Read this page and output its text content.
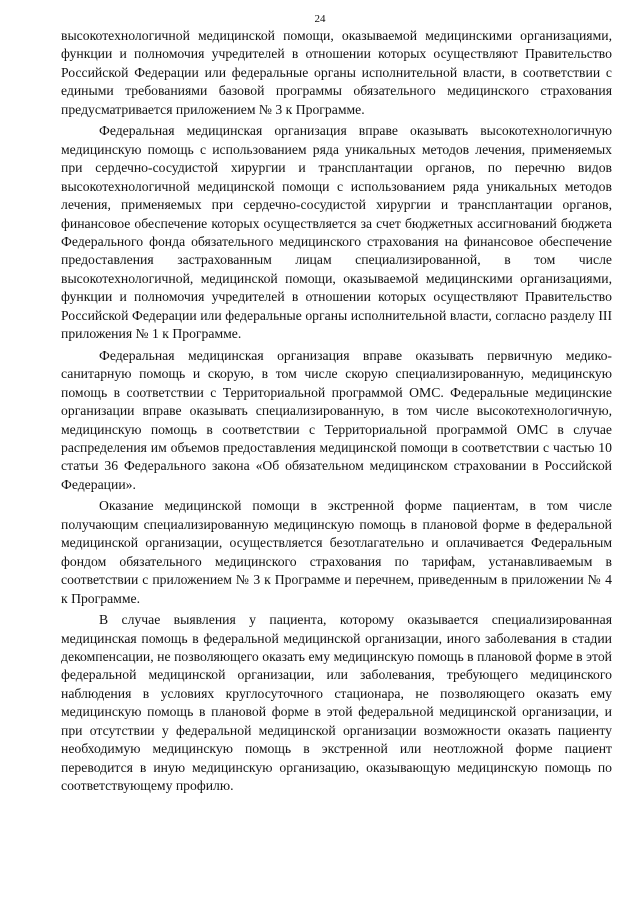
24

высокотехнологичной медицинской помощи, оказываемой медицинскими организациями, функции и полномочия учредителей в отношении которых осуществляют Правительство Российской Федерации или федеральные органы исполнительной власти, в соответствии с едиными требованиями базовой программы обязательного медицинского страхования предусматривается приложением № 3 к Программе.

Федеральная медицинская организация вправе оказывать высокотехнологичную медицинскую помощь с использованием ряда уникальных методов лечения, применяемых при сердечно-сосудистой хирургии и трансплантации органов, по перечню видов высокотехнологичной медицинской помощи с использованием ряда уникальных методов лечения, применяемых при сердечно-сосудистой хирургии и трансплантации органов, финансовое обеспечение которых осуществляется за счет бюджетных ассигнований бюджета Федерального фонда обязательного медицинского страхования на финансовое обеспечение предоставления застрахованным лицам специализированной, в том числе высокотехнологичной, медицинской помощи, оказываемой медицинскими организациями, функции и полномочия учредителей в отношении которых осуществляют Правительство Российской Федерации или федеральные органы исполнительной власти, согласно разделу III приложения № 1 к Программе.

Федеральная медицинская организация вправе оказывать первичную медико-санитарную помощь и скорую, в том числе скорую специализированную, медицинскую помощь в соответствии с Территориальной программой ОМС. Федеральные медицинские организации вправе оказывать специализированную, в том числе высокотехнологичную, медицинскую помощь в соответствии с Территориальной программой ОМС в случае распределения им объемов предоставления медицинской помощи в соответствии с частью 10 статьи 36 Федерального закона «Об обязательном медицинском страховании в Российской Федерации».

Оказание медицинской помощи в экстренной форме пациентам, в том числе получающим специализированную медицинскую помощь в плановой форме в федеральной медицинской организации, осуществляется безотлагательно и оплачивается Федеральным фондом обязательного медицинского страхования по тарифам, устанавливаемым в соответствии с приложением № 3 к Программе и перечнем, приведенным в приложении № 4 к Программе.

В случае выявления у пациента, которому оказывается специализированная медицинская помощь в федеральной медицинской организации, иного заболевания в стадии декомпенсации, не позволяющего оказать ему медицинскую помощь в плановой форме в этой федеральной медицинской организации, или заболевания, требующего медицинского наблюдения в условиях круглосуточного стационара, не позволяющего оказать ему медицинскую помощь в плановой форме в этой федеральной медицинской организации, и при отсутствии у федеральной медицинской организации возможности оказать пациенту необходимую медицинскую помощь в экстренной или неотложной форме пациент переводится в иную медицинскую организацию, оказывающую медицинскую помощь по соответствующему профилю.
